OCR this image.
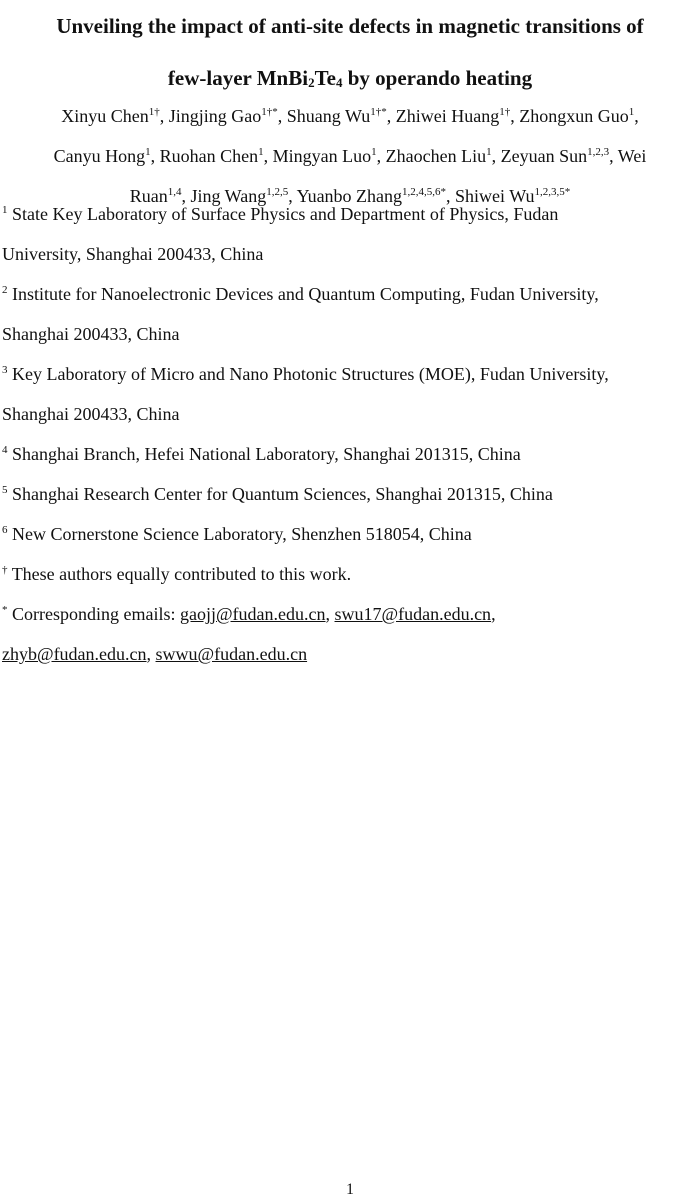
Unveiling the impact of anti-site defects in magnetic transitions of
few-layer MnBi2Te4 by operando heating
Xinyu Chen$^{1\dagger}$, Jingjing Gao$^{1\dagger*}$, Shuang $Wu^{1\dagger*}$, Zhiwei Huang$^{1\dagger}$, Zhongxun Guo$^1$,
Canyu Hong$^1$, Ruohan Chen$^1$, Mingyan Luo$^1$, Zhaochen Liu$^1$, Zeyuan Sun$^{1,2,3}$, Wei
Ruan$^{1,4}$, Jing Wang$^{1,2,5}$, Yuanbo Zhang$^{1,2,4,5,6*}$, Shiwei $Wu^{1,2,3,5*}$
$^1$ State Key Laboratory of Surface Physics and Department of Physics, Fudan
University, Shanghai 200433, China
$^2$ Institute for Nanoelectronic Devices and Quantum Computing, Fudan University,
Shanghai 200433, China
$^3$ Key Laboratory of Micro and Nano Photonic Structures (MOE), Fudan University,
Shanghai 200433, China
$^4$ Shanghai Branch, Hefei National Laboratory, Shanghai 201315, China
$^5$ Shanghai Research Center for Quantum Sciences, Shanghai 201315, China
$^6$ New Cornerstone Science Laboratory, Shenzhen 518054, China
† These authors equally contributed to this work.
* Corresponding emails: gaojj@fudan.edu.cn, swu17@fudan.edu.cn,
zhyb@fudan.edu.cn, swwu@fudan.edu.cn
1
